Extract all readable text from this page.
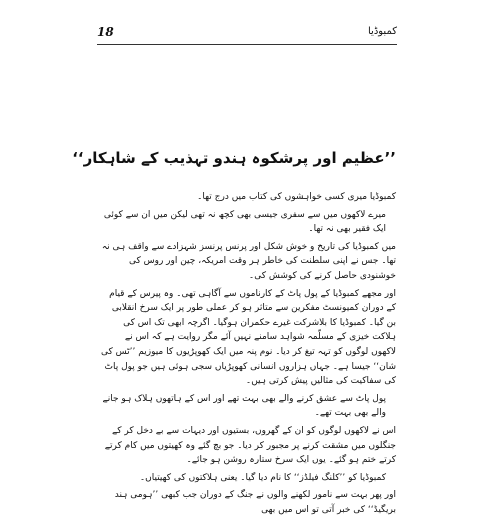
18	کمبوڈیا
’’عظیم اور پرشکوہ ہندو تہذیب کے شاہکار‘‘

کمبوڈیا میری کسی خواہشوں کی کتاب میں درج تھا۔

میرے لاکھوں میں سے سفری جیسی بھی کچھ نہ تھی لیکن میں ان سے کوئی ایک فقیر بھی نہ تھا۔

میں کمبوڈیا کی تاریخ و خوش شکل اور پرنس پرنسز شہزادے سے واقف ہی نہ تھا۔ جس نے اپنی سلطنت کی خاطر ہر وقت امریکہ، چین اور روس کی خوشنودی حاصل کرنے کی کوشش کی۔

اور مجھے کمبوڈیا کے پول پاٹ کے کارناموں سے آگاہی تھی۔ وہ پیرس کے قیام کے دوران کمیونسٹ مفکرین سے متاثر ہو کر عملی طور پر ایک سرخ انقلابی بن گیا۔ کمبوڈیا کا بلاشرکت غیرے حکمران ہوگیا۔ اگرچہ ابھی تک اس کی ہلاکت خیزی کے مسلّمہ شواہد سامنے نہیں آئے مگر روایت ہے کہ اس نے لاکھوں لوگوں کو تہہ تیغ کر دیا۔ نوم پنہ میں ایک کھوپڑیوں کا میوزیم ’’ٹس کی شان‘‘ جیسا ہے۔ جہاں ہزاروں انسانی کھوپڑیاں سجی ہوئی ہیں جو پول پاٹ کی سفاکیت کی مثالیں پیش کرتی ہیں۔

پول پاٹ سے عشق کرنے والے بھی بہت تھے اور اس کے ہاتھوں ہلاک ہو جانے والے بھی بہت تھے۔

اس نے لاکھوں لوگوں کو ان کے گھروں، بستیوں اور دیہات سے بے دخل کر کے جنگلوں میں مشقت کرنے پر مجبور کر دیا۔ جو بچ گئے وہ کھیتوں میں کام کرتے کرتے ختم ہو گئے۔ یوں ایک سرخ ستارہ روشن ہو جائے۔

کمبوڈیا کو ’’کلنگ فیلڈز‘‘ کا نام دیا گیا۔ یعنی ہلاکتوں کی کھیتیاں۔

اور پھر بہت سے نامور لکھنے والوں نے جنگ کے دوران جب کبھی ’’ہومی ہند بریگیڈ‘‘ کی خبر آتی تو اس میں بھی
